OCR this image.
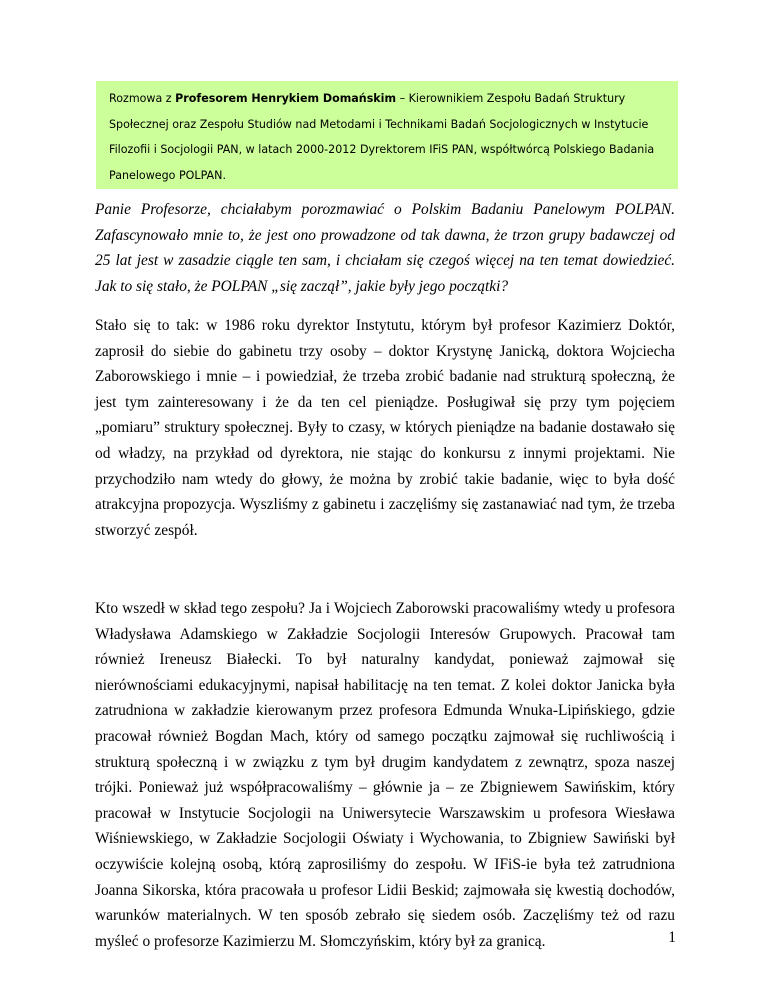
Rozmowa z Profesorem Henrykiem Domańskim – Kierownikiem Zespołu Badań Struktury Społecznej oraz Zespołu Studiów nad Metodami i Technikami Badań Socjologicznych w Instytucie Filozofii i Socjologii PAN, w latach 2000-2012 Dyrektorem IFiS PAN, współtwórcą Polskiego Badania Panelowego POLPAN.

Panie Profesorze, chciałabym porozmawiać o Polskim Badaniu Panelowym POLPAN. Zafascynowało mnie to, że jest ono prowadzone od tak dawna, że trzon grupy badawczej od 25 lat jest w zasadzie ciągle ten sam, i chciałam się czegoś więcej na ten temat dowiedzieć. Jak to się stało, że POLPAN „się zaczął”, jakie były jego początki?

Stało się to tak: w 1986 roku dyrektor Instytutu, którym był profesor Kazimierz Doktór, zaprosił do siebie do gabinetu trzy osoby – doktor Krystynę Janicką, doktora Wojciecha Zaborowskiego i mnie – i powiedział, że trzeba zrobić badanie nad strukturą społeczną, że jest tym zainteresowany i że da ten cel pieniądze. Posługiwał się przy tym pojęciem „pomiaru” struktury społecznej. Były to czasy, w których pieniądze na badanie dostawało się od władzy, na przykład od dyrektora, nie stając do konkursu z innymi projektami. Nie przychodziło nam wtedy do głowy, że można by zrobić takie badanie, więc to była dość atrakcyjna propozycja. Wyszliśmy z gabinetu i zaczęliśmy się zastanawiać nad tym, że trzeba stworzyć zespół.

Kto wszedł w skład tego zespołu? Ja i Wojciech Zaborowski pracowaliśmy wtedy u profesora Władysława Adamskiego w Zakładzie Socjologii Interesów Grupowych. Pracował tam również Ireneusz Białecki. To był naturalny kandydat, ponieważ zajmował się nierównościami edukacyjnymi, napisał habilitację na ten temat. Z kolei doktor Janicka była zatrudniona w zakładzie kierowanym przez profesora Edmunda Wnuka-Lipińskiego, gdzie pracował również Bogdan Mach, który od samego początku zajmował się ruchliwością i strukturą społeczną i w związku z tym był drugim kandydatem z zewnątrz, spoza naszej trójki. Ponieważ już współpracowaliśmy – głównie ja – ze Zbigniewem Sawińskim, który pracował w Instytucie Socjologii na Uniwersytecie Warszawskim u profesora Wiesława Wiśniewskiego, w Zakładzie Socjologii Oświaty i Wychowania, to Zbigniew Sawiński był oczywiście kolejną osobą, którą zaprosiliśmy do zespołu. W IFiS-ie była też zatrudniona Joanna Sikorska, która pracowała u profesor Lidii Beskid; zajmowała się kwestią dochodów, warunków materialnych. W ten sposób zebrało się siedem osób. Zaczęliśmy też od razu myśleć o profesorze Kazimierzu M. Słomczyńskim, który był za granicą.	1
